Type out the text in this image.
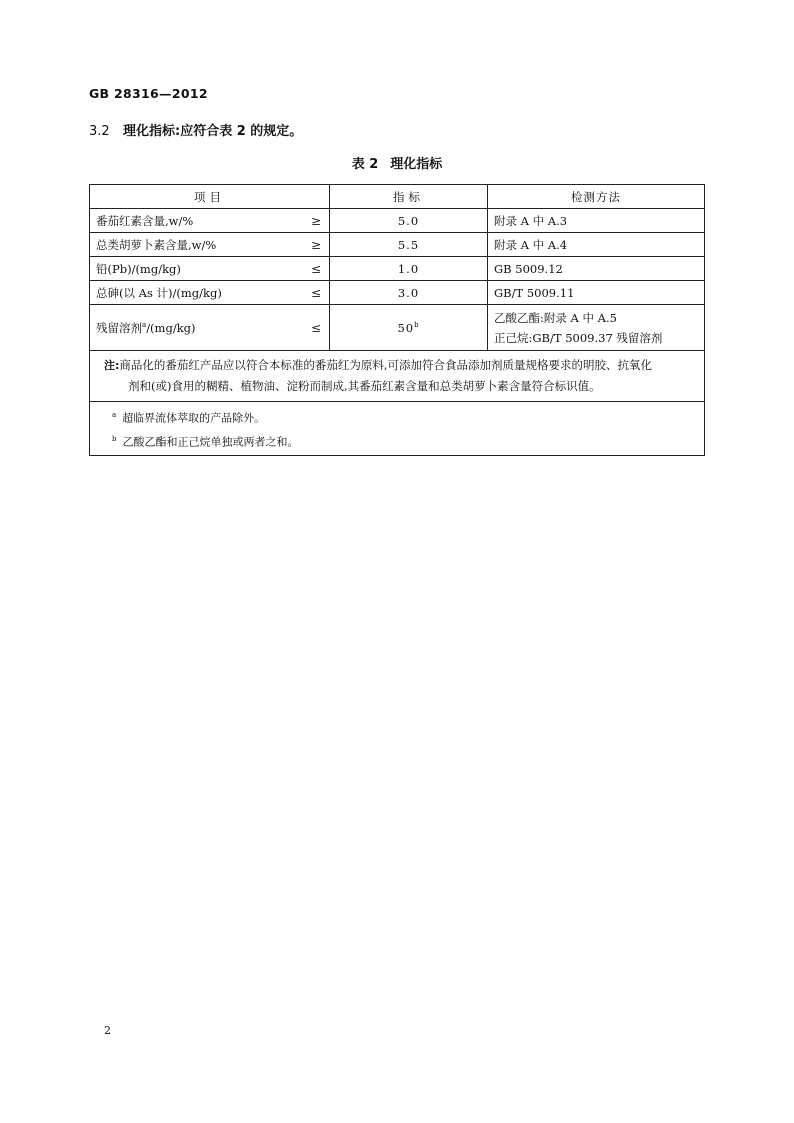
GB 28316—2012
3.2 理化指标:应符合表 2 的规定。
表 2 理化指标
项目	指标	检测方法
番茄红素含量,w/% ≥	5.0	附录 A 中 A.3
总类胡萝卜素含量,w/% ≥	5.5	附录 A 中 A.4
铅(Pb)/(mg/kg) ≤	1.0	GB 5009.12
总砷(以 As 计)/(mg/kg) ≤	3.0	GB/T 5009.11
残留溶剂$^a$/(mg/kg) ≤	50$^b$	乙酸乙酯:附录 A 中 A.5
正己烷:GB/T 5009.37 残留溶剂

注:商品化的番茄红产品应以符合本标准的番茄红为原料,可添加符合食品添加剂质量规格要求的明胶、抗氧化
剂和(或)食用的糊精、植物油、淀粉而制成,其番茄红素含量和总类胡萝卜素含量符合标识值。		

$^a$ 超临界流体萃取的产品除外。
$^b$ 乙酸乙酯和正己烷单独或两者之和。		
2
